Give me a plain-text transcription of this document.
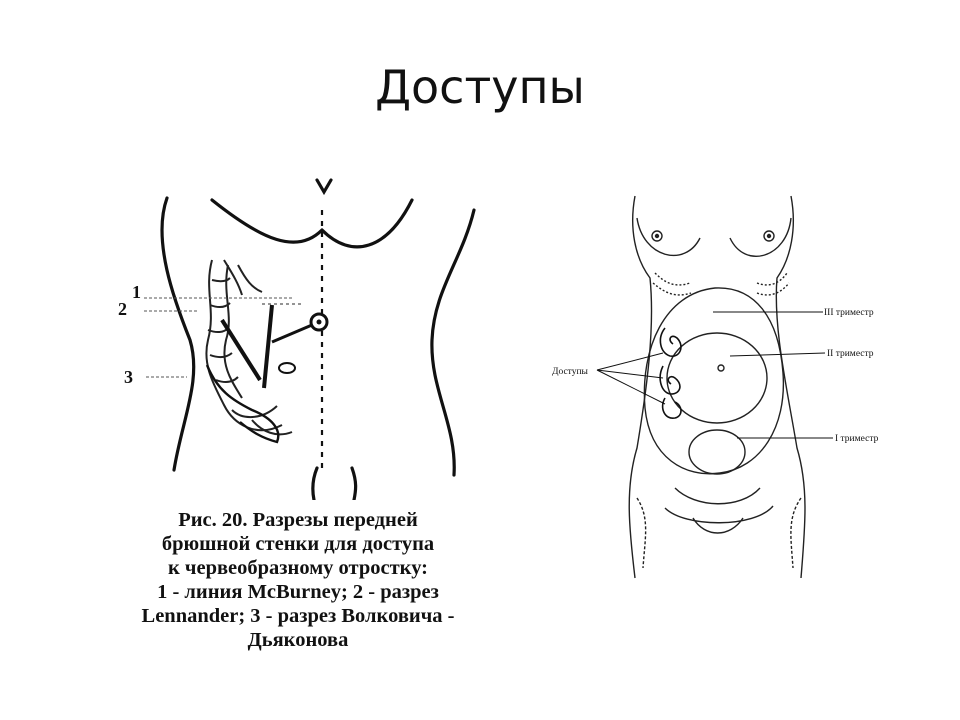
Доступы
1
2
3
Рис. 20. Разрезы передней
брюшной стенки для доступа
к червеобразному отростку:
1 - линия McBurney; 2 - разрез
Lennander; 3 - разрез Волковича -
Дьяконова
Доступы
III триместр
II триместр
I триместр
